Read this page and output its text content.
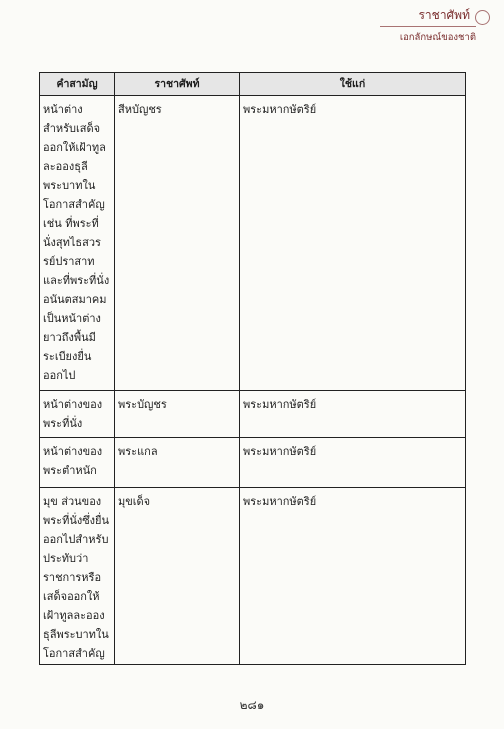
ราชาศัพท์
เอกลักษณ์ของชาติ
คำสามัญ	ราชาศัพท์	ใช้แก่

หน้าต่างสำหรับเสด็จออกให้เฝ้าทูลละอองธุลีพระบาทในโอกาสสำคัญ เช่น ที่พระที่นั่งสุทไธสวรรย์ปราสาท และที่พระที่นั่งอนันตสมาคมเป็นหน้าต่างยาวถึงพื้นมีระเบียงยื่นออกไป	สีหบัญชร	พระมหากษัตริย์

หน้าต่างของพระที่นั่ง	พระบัญชร	พระมหากษัตริย์

หน้าต่างของพระตำหนัก	พระแกล	พระมหากษัตริย์

มุข ส่วนของพระที่นั่งซึ่งยื่นออกไปสำหรับประทับว่าราชการหรือเสด็จออกให้เฝ้าทูลละอองธุลีพระบาทในโอกาสสำคัญ	มุขเด็จ	พระมหากษัตริย์
๒๘๑
